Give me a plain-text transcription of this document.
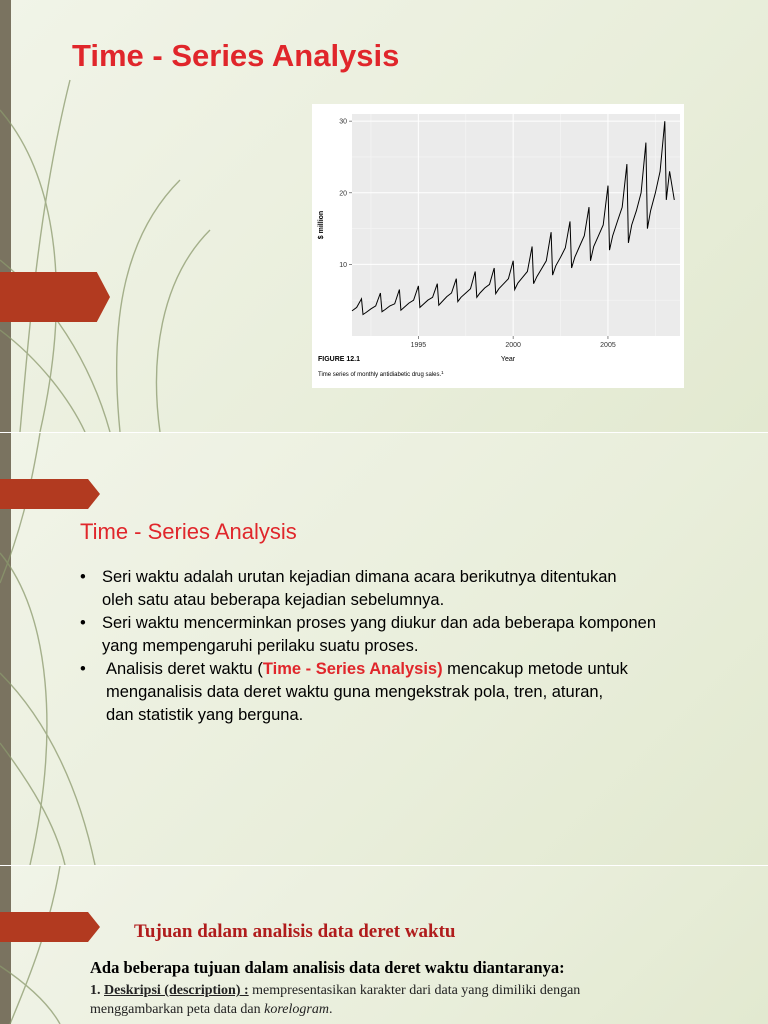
Time - Series Analysis
10
20
30
1995	2000	2005
$ million
Year
FIGURE 12.1
Time series of monthly antidiabetic drug sales.$^1$
Time - Series Analysis
• Seri waktu adalah urutan kejadian dimana acara berikutnya ditentukan
oleh satu atau beberapa kejadian sebelumnya.
• Seri waktu mencerminkan proses yang diukur dan ada beberapa komponen
yang mempengaruhi perilaku suatu proses.
• Analisis deret waktu (Time - Series Analysis) mencakup metode untuk
menganalisis data deret waktu guna mengekstrak pola, tren, aturan,
dan statistik yang berguna.
Tujuan dalam analisis data deret waktu
Ada beberapa tujuan dalam analisis data deret waktu diantaranya:
1. Deskripsi (description) : mempresentasikan karakter dari data yang dimiliki dengan menggambarkan peta data dan korelogram.
